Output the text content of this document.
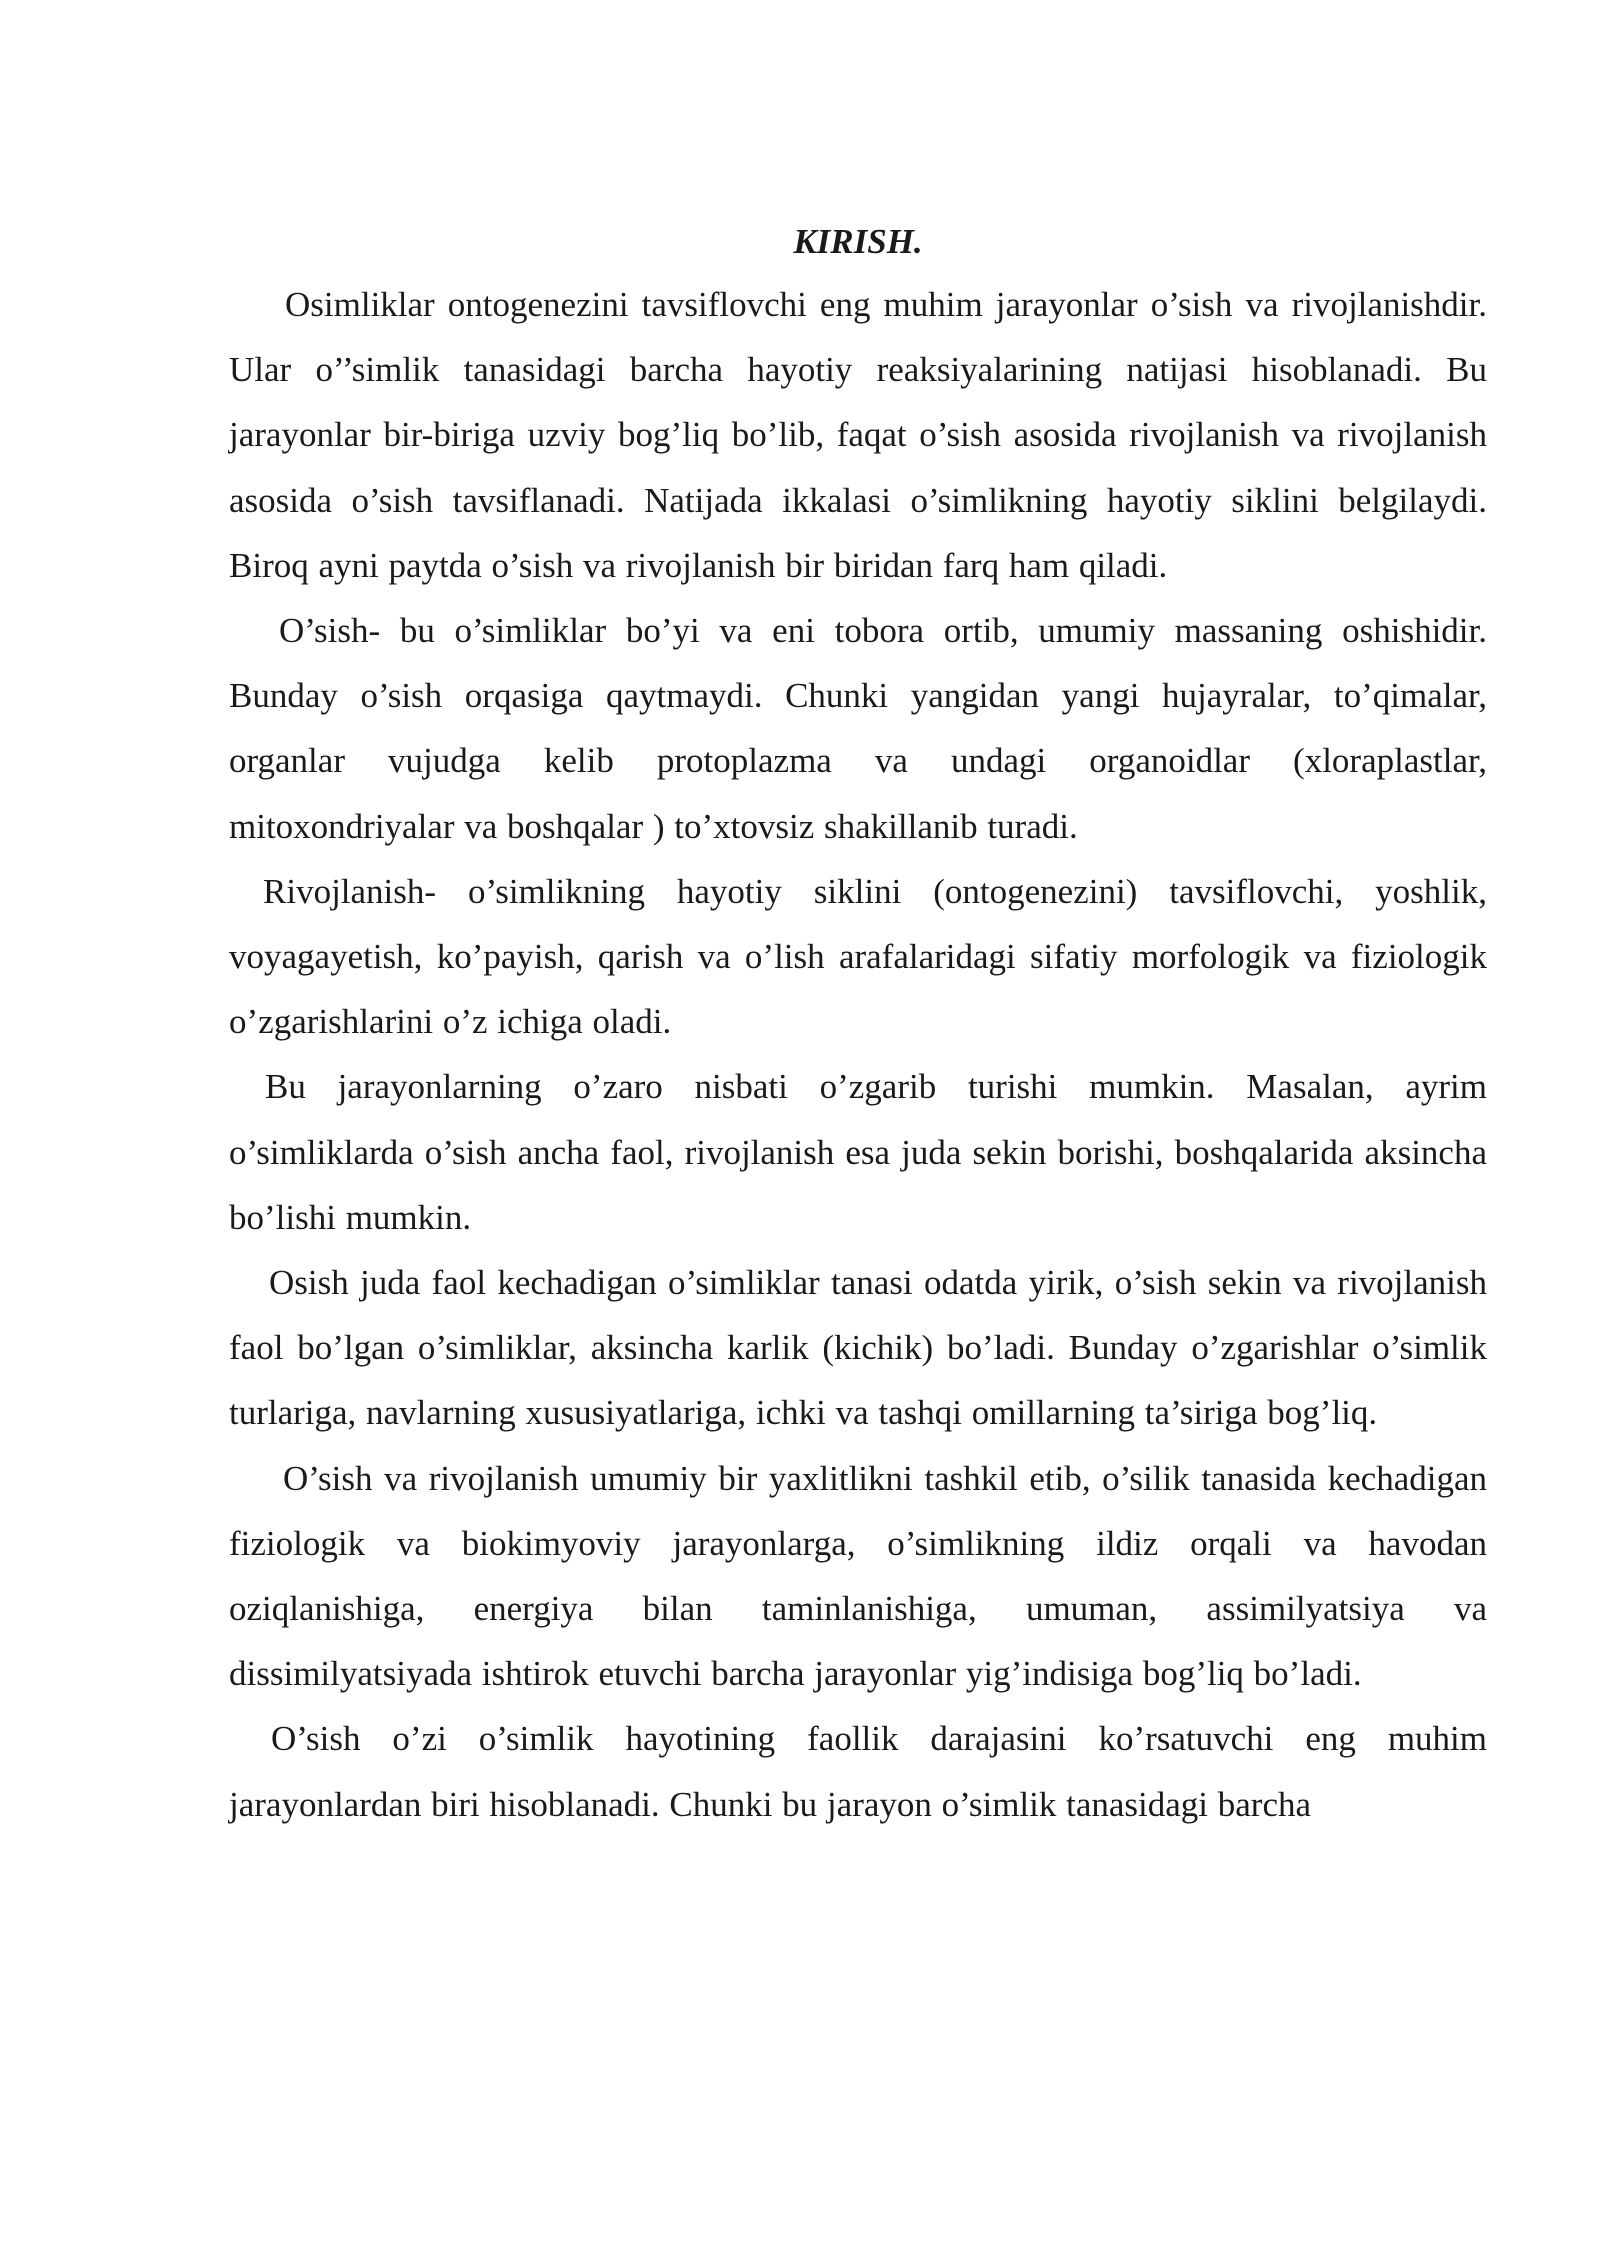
KIRISH.

Osimliklar ontogenezini tavsiflovchi eng muhim jarayonlar o’sish va rivojlanishdir. Ular o’’simlik tanasidagi barcha hayotiy reaksiyalarining natijasi hisoblanadi. Bu jarayonlar bir-biriga uzviy bog’liq bo’lib, faqat o’sish asosida rivojlanish va rivojlanish asosida o’sish tavsiflanadi. Natijada ikkalasi o’simlikning hayotiy siklini belgilaydi. Biroq ayni paytda o’sish va rivojlanish bir biridan farq ham qiladi.

O’sish- bu o’simliklar bo’yi va eni tobora ortib, umumiy massaning oshishidir. Bunday o’sish orqasiga qaytmaydi. Chunki yangidan yangi hujayralar, to’qimalar, organlar vujudga kelib protoplazma va undagi organoidlar (xloraplastlar, mitoxondriyalar va boshqalar ) to’xtovsiz shakillanib turadi.

Rivojlanish- o’simlikning hayotiy siklini (ontogenezini) tavsiflovchi, yoshlik, voyagayetish, ko’payish, qarish va o’lish arafalaridagi sifatiy morfologik va fiziologik o’zgarishlarini o’z ichiga oladi.

Bu jarayonlarning o’zaro nisbati o’zgarib turishi mumkin. Masalan, ayrim o’simliklarda o’sish ancha faol, rivojlanish esa juda sekin borishi, boshqalarida aksincha bo’lishi mumkin.

Osish juda faol kechadigan o’simliklar tanasi odatda yirik, o’sish sekin va rivojlanish faol bo’lgan o’simliklar, aksincha karlik (kichik) bo’ladi. Bunday o’zgarishlar o’simlik turlariga, navlarning xususiyatlariga, ichki va tashqi omillarning ta’siriga bog’liq.

O’sish va rivojlanish umumiy bir yaxlitlikni tashkil etib, o’silik tanasida kechadigan fiziologik va biokimyoviy jarayonlarga, o’simlikning ildiz orqali va havodan oziqlanishiga, energiya bilan taminlanishiga, umuman, assimilyatsiya va dissimilyatsiyada ishtirok etuvchi barcha jarayonlar yig’indisiga bog’liq bo’ladi.

O’sish o’zi o’simlik hayotining faollik darajasini ko’rsatuvchi eng muhim jarayonlardan biri hisoblanadi. Chunki bu jarayon o’simlik tanasidagi barcha
